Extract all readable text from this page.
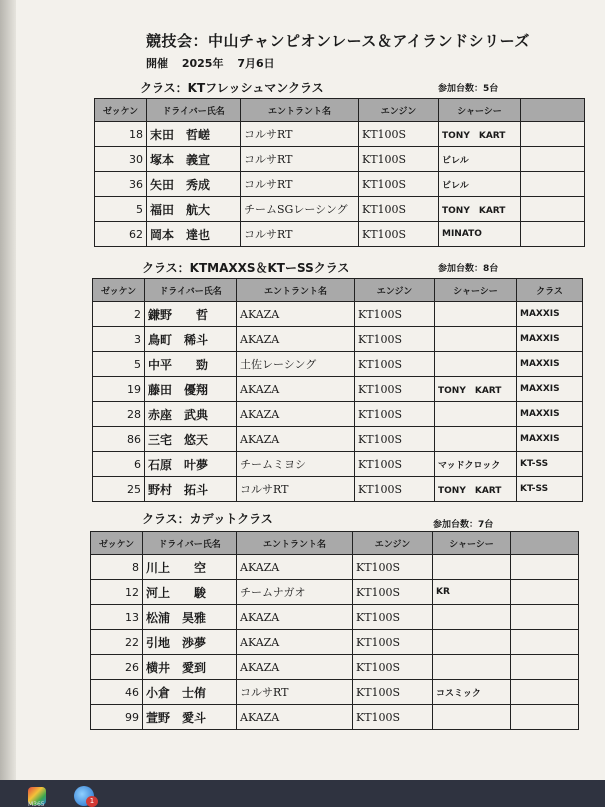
競技会：中山チャンピオンレース＆アイランドシリーズ
開催 2025年 7月6日
クラス：KTフレッシュマンクラス	参加台数：5台
ゼッケン	ドライバー氏名	エントラント名	エンジン	シャーシー	
18	末田　哲嵯	コルサRT	KT100S	TONY　KART	
30	塚本　義宣	コルサRT	KT100S	ビレル	
36	矢田　秀成	コルサRT	KT100S	ビレル	
5	福田　航大	チームSGレーシング	KT100S	TONY　KART	
62	岡本　達也	コルサRT	KT100S	MINATO	
クラス：KTMAXXS＆KTーSSクラス	参加台数：8台
ゼッケン	ドライバー氏名	エントラント名	エンジン	シャーシー	クラス
2	鎌野　　哲	AKAZA	KT100S		MAXXIS
3	鳥町　稀斗	AKAZA	KT100S		MAXXIS
5	中平　　勁	土佐レーシング	KT100S		MAXXIS
19	藤田　優翔	AKAZA	KT100S	TONY　KART	MAXXIS
28	赤座　武典	AKAZA	KT100S		MAXXIS
86	三宅　悠天	AKAZA	KT100S		MAXXIS
6	石原　叶夢	チームミヨシ	KT100S	マッドクロック	KT-SS
25	野村　拓斗	コルサRT	KT100S	TONY　KART	KT-SS
クラス：カデットクラス	参加台数：7台
ゼッケン	ドライバー氏名	エントラント名	エンジン	シャーシー	
8	川上　　空	AKAZA	KT100S		
12	河上　　駿	チームナガオ	KT100S	KR	
13	松浦　昊雅	AKAZA	KT100S		
22	引地　渉夢	AKAZA	KT100S		
26	横井　愛到	AKAZA	KT100S		
46	小倉　士侑	コルサRT	KT100S	コスミック	
99	萱野　愛斗	AKAZA	KT100S		
M365	1
